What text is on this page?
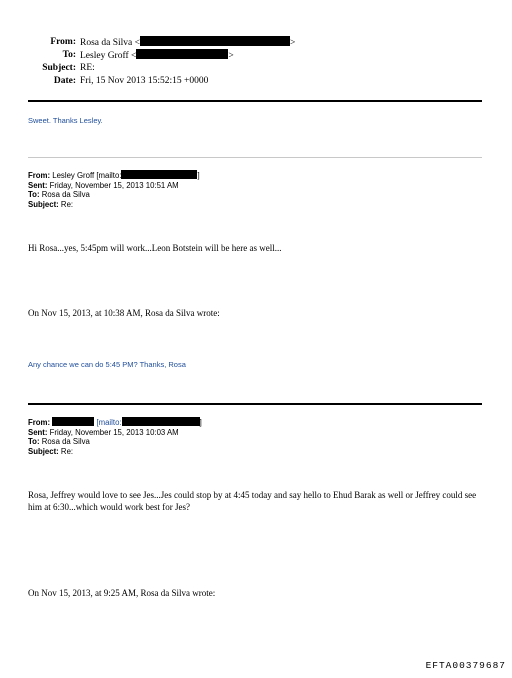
From: Rosa da Silva <	>
To: Lesley Groff <	>
Subject: RE:
Date: Fri, 15 Nov 2013 15:52:15 +0000
Sweet. Thanks Lesley.
From: Lesley Groff [mailto:	]
Sent: Friday, November 15, 2013 10:51 AM
To: Rosa da Silva
Subject: Re:
Hi Rosa...yes, 5:45pm will work...Leon Botstein will be here as well...
On Nov 15, 2013, at 10:38 AM, Rosa da Silva wrote:
Any chance we can do 5:45 PM? Thanks, Rosa
From:	[mailto:	]
Sent: Friday, November 15, 2013 10:03 AM
To: Rosa da Silva
Subject: Re:
Rosa, Jeffrey would love to see Jes...Jes could stop by at 4:45 today and say hello to Ehud Barak as well or Jeffrey could see him at 6:30...which would work best for Jes?
On Nov 15, 2013, at 9:25 AM, Rosa da Silva wrote:
EFTA00379687
